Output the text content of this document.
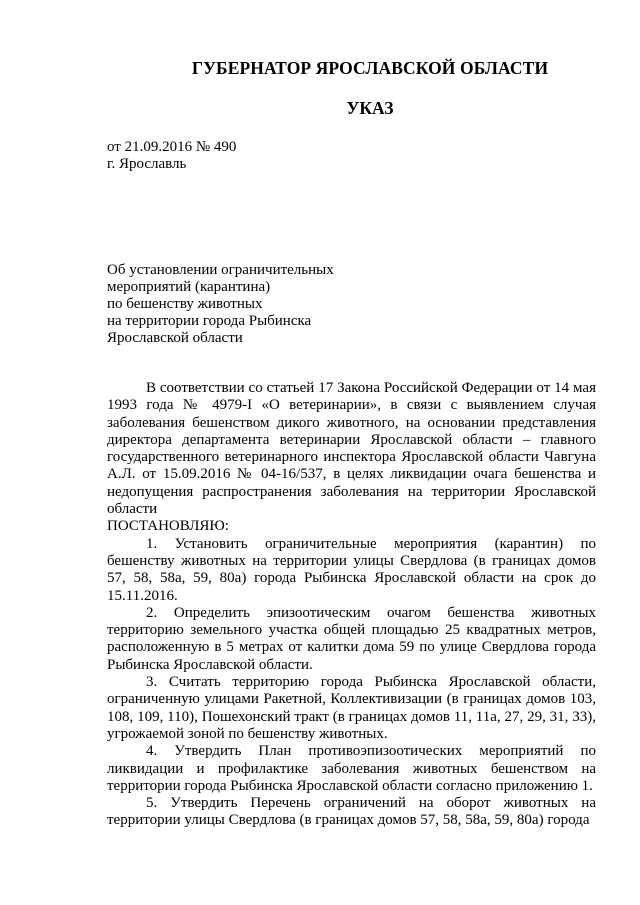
ГУБЕРНАТОР ЯРОСЛАВСКОЙ ОБЛАСТИ
УКАЗ

от 21.09.2016 № 490

г. Ярославль

Об установлении ограничительных
мероприятий (карантина)
по бешенству животных
на территории города Рыбинска
Ярославской области

В соответствии со статьей 17 Закона Российской Федерации от 14 мая 1993 года № 4979-I «О ветеринарии», в связи с выявлением случая заболевания бешенством дикого животного, на основании представления директора департамента ветеринарии Ярославской области – главного государственного ветеринарного инспектора Ярославской области Чавгуна А.Л. от 15.09.2016 № 04-16/537, в целях ликвидации очага бешенства и недопущения распространения заболевания на территории Ярославской области

ПОСТАНОВЛЯЮ:

1. Установить ограничительные мероприятия (карантин) по бешенству животных на территории улицы Свердлова (в границах домов 57, 58, 58а, 59, 80а) города Рыбинска Ярославской области на срок до 15.11.2016.

2. Определить эпизоотическим очагом бешенства животных территорию земельного участка общей площадью 25 квадратных метров, расположенную в 5 метрах от калитки дома 59 по улице Свердлова города Рыбинска Ярославской области.

3. Считать территорию города Рыбинска Ярославской области, ограниченную улицами Ракетной, Коллективизации (в границах домов 103, 108, 109, 110), Пошехонский тракт (в границах домов 11, 11а, 27, 29, 31, 33), угрожаемой зоной по бешенству животных.

4. Утвердить План противоэпизоотических мероприятий по ликвидации и профилактике заболевания животных бешенством на территории города Рыбинска Ярославской области согласно приложению 1.

5. Утвердить Перечень ограничений на оборот животных на территории улицы Свердлова (в границах домов 57, 58, 58а, 59, 80а) города
